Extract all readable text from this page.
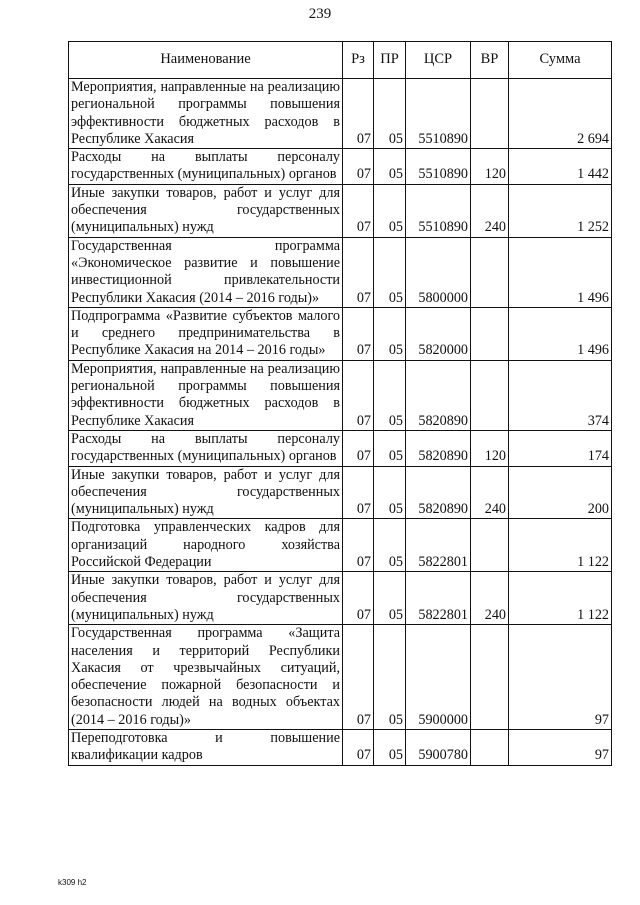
239
Наименование	Рз	ПР	ЦСР	ВР	Сумма
Мероприятия, направленные на реализацию региональной программы повышения эффективности бюджетных расходов в Республике Хакасия	07	05	5510890		2 694
Расходы на выплаты персоналу государственных (муниципальных) органов	07	05	5510890	120	1 442
Иные закупки товаров, работ и услуг для обеспечения государственных (муниципальных) нужд	07	05	5510890	240	1 252
Государственная программа «Экономическое развитие и повышение инвестиционной привлекательности Республики Хакасия (2014 – 2016 годы)»	07	05	5800000		1 496
Подпрограмма «Развитие субъектов малого и среднего предпринимательства в Республике Хакасия на 2014 – 2016 годы»	07	05	5820000		1 496
Мероприятия, направленные на реализацию региональной программы повышения эффективности бюджетных расходов в Республике Хакасия	07	05	5820890		374
Расходы на выплаты персоналу государственных (муниципальных) органов	07	05	5820890	120	174
Иные закупки товаров, работ и услуг для обеспечения государственных (муниципальных) нужд	07	05	5820890	240	200
Подготовка управленческих кадров для организаций народного хозяйства Российской Федерации	07	05	5822801		1 122
Иные закупки товаров, работ и услуг для обеспечения государственных (муниципальных) нужд	07	05	5822801	240	1 122
Государственная программа «Защита населения и территорий Республики Хакасия от чрезвычайных ситуаций, обеспечение пожарной безопасности и безопасности людей на водных объектах (2014 – 2016 годы)»	07	05	5900000		97
Переподготовка и повышение квалификации кадров	07	05	5900780		97
k309 h2
